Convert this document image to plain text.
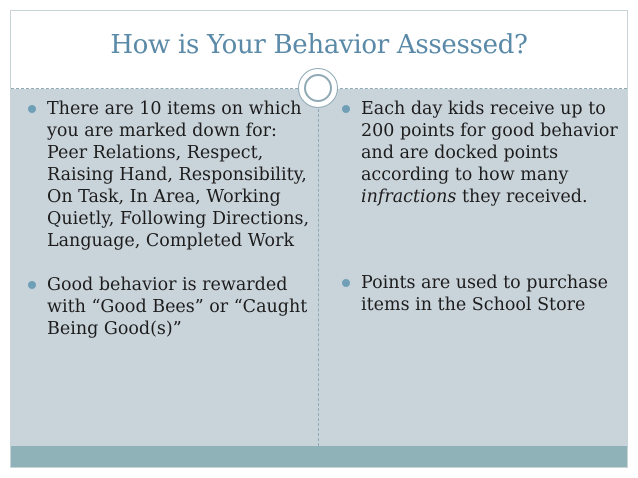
How is Your Behavior Assessed?
There are 10 items on which you are marked down for: Peer Relations, Respect, Raising Hand, Responsibility, On Task, In Area, Working Quietly, Following Directions, Language, Completed Work
Good behavior is rewarded with “Good Bees” or “Caught Being Good(s)”
Each day kids receive up to 200 points for good behavior and are docked points according to how many infractions they received.
Points are used to purchase items in the School Store
